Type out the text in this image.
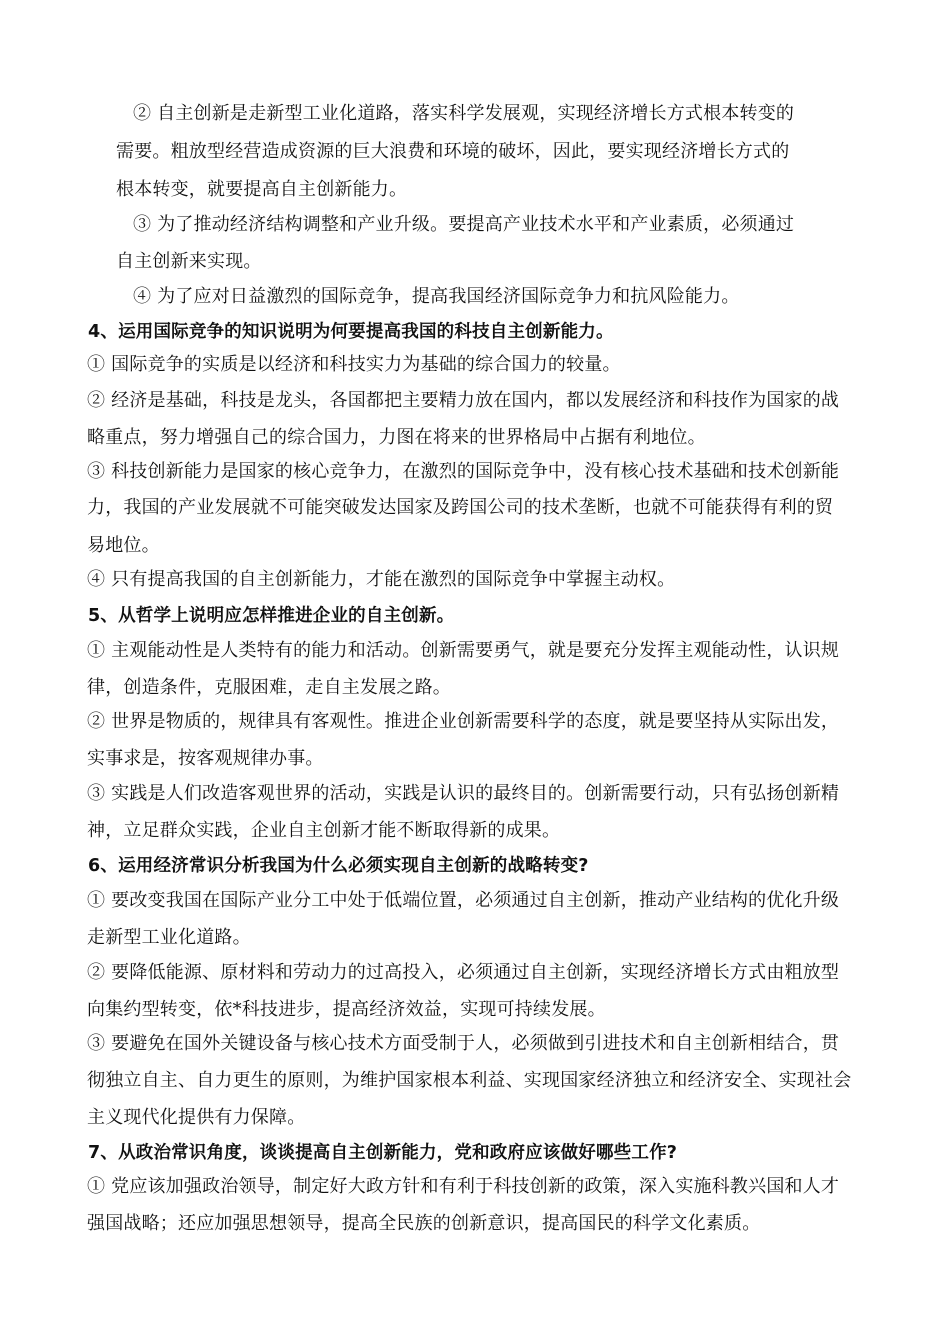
② 自主创新是走新型工业化道路，落实科学发展观，实现经济增长方式根本转变的
需要。粗放型经营造成资源的巨大浪费和环境的破坏，因此，要实现经济增长方式的
根本转变，就要提高自主创新能力。
③ 为了推动经济结构调整和产业升级。要提高产业技术水平和产业素质，必须通过
自主创新来实现。
④ 为了应对日益激烈的国际竞争，提高我国经济国际竞争力和抗风险能力。
4、运用国际竞争的知识说明为何要提高我国的科技自主创新能力。
① 国际竞争的实质是以经济和科技实力为基础的综合国力的较量。
② 经济是基础，科技是龙头，各国都把主要精力放在国内，都以发展经济和科技作为国家的战
略重点，努力增强自己的综合国力，力图在将来的世界格局中占据有利地位。
③ 科技创新能力是国家的核心竞争力，在激烈的国际竞争中，没有核心技术基础和技术创新能
力，我国的产业发展就不可能突破发达国家及跨国公司的技术垄断，也就不可能获得有利的贸
易地位。
④ 只有提高我国的自主创新能力，才能在激烈的国际竞争中掌握主动权。
5、从哲学上说明应怎样推进企业的自主创新。
① 主观能动性是人类特有的能力和活动。创新需要勇气，就是要充分发挥主观能动性，认识规
律，创造条件，克服困难，走自主发展之路。
② 世界是物质的，规律具有客观性。推进企业创新需要科学的态度，就是要坚持从实际出发，
实事求是，按客观规律办事。
③ 实践是人们改造客观世界的活动，实践是认识的最终目的。创新需要行动，只有弘扬创新精
神，立足群众实践，企业自主创新才能不断取得新的成果。
6、运用经济常识分析我国为什么必须实现自主创新的战略转变?
① 要改变我国在国际产业分工中处于低端位置，必须通过自主创新，推动产业结构的优化升级
走新型工业化道路。
② 要降低能源、原材料和劳动力的过高投入，必须通过自主创新，实现经济增长方式由粗放型
向集约型转变，依*科技进步，提高经济效益，实现可持续发展。
③ 要避免在国外关键设备与核心技术方面受制于人，必须做到引进技术和自主创新相结合，贯
彻独立自主、自力更生的原则，为维护国家根本利益、实现国家经济独立和经济安全、实现社会
主义现代化提供有力保障。
7、从政治常识角度，谈谈提高自主创新能力，党和政府应该做好哪些工作?
① 党应该加强政治领导，制定好大政方针和有利于科技创新的政策，深入实施科教兴国和人才
强国战略；还应加强思想领导，提高全民族的创新意识，提高国民的科学文化素质。
